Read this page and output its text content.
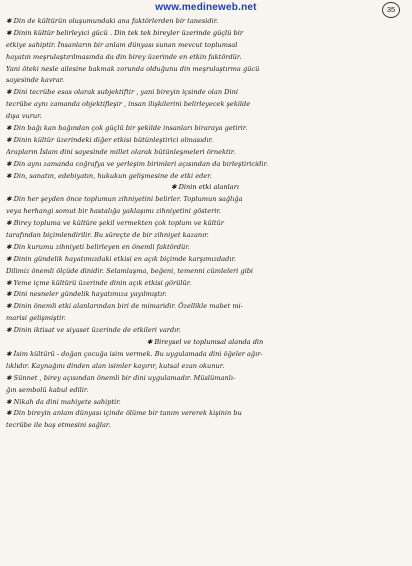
www.medineweb.net	35
✱ Din de kültürün oluşumundaki ana faktörlerden bir tanesidir.
✱ Dinin kültür belirleyici gücü . Din tek tek bireyler üzerinde güçlü bir
etkiye sahiptir. İnsanların bir anlam dünyası sunan mevcut toplumsal
hayatın meşrulaştırılmasında da din birey üzerinde en etkin faktördür.
Yani öteki nesle ailesine bakmak zorunda olduğunu din meşrulaştırma gücü
sayesinde kavrar.
✱ Dini tecrübe esas olarak subjektiftir , yani bireyin içsinde olan Dini
tecrübe aynı zamanda objektifleşir , insan ilişkilerini belirleyecek şekilde
dışa vurur.
✱ Din bağı kan bağından çok güçlü bir şekilde insanları biraraya getirir.
✱ Dinin kültür üzerindeki diğer etkisi bütünleştirici olmasıdır.
Arapların İslam dini sayesinde millet olarak bütünleşmeleri örnektir.
✱ Din aynı zamanda coğrafya ve yerleşim birimleri açısından da birleştiricidir.
✱ Din, sanatın, edebiyatın, hukukun gelişmesine de etki eder.
✱ Dinin etki alanları
✱ Din her şeyden önce toplumun zihniyetini belirler. Toplumun sağlığa
veya herhangi somut bir hastalığa yaklaşımı zihniyetini gösterir.
✱ Birey topluma ve kültüre şekil vermekten çok toplum ve kültür
tarafından biçimlendirilir. Bu süreçte de bir zihniyet kazanır.
✱ Din kurumu zihniyeti belirleyen en önemli faktördür.
✱ Dinin gündelik hayatımızdaki etkisi en açık biçimde karşımızdadır.
Dilimiz önemli ölçüde dinidir. Selamlaşma, beğeni, temenni cümleleri gibi
✱ Yeme içme kültürü üzerinde dinin açık etkisi görülür.
✱ Dini nesneler gündelik hayatımıza yayılmıştır.
✱ Dinin önemli etki alanlarından biri de mimaridir. Özellikle mabet mi-
marisi gelişmiştir.
✱ Dinin iktisat ve siyaset üzerinde de etkileri vardır.
✱ Bireysel ve toplumsal alanda din
✱ İsim kültürü - doğan çocuğa isim vermek. Bu uygulamada dini öğeler ağır-
lıklıdır. Kaynağını dinden alan isimler kayırır, kutsal ezan okunur.
✱ Sünnet , birey açısından önemli bir dini uygulamadır. Müslümanlı-
ğın sembolü kabul edilir.
✱ Nikah da dini mahiyete sahiptir.
✱ Din bireyin anlam dünyası içinde ölüme bir tanım vererek kişinin bu
tecrübe ile baş etmesini sağlar.
